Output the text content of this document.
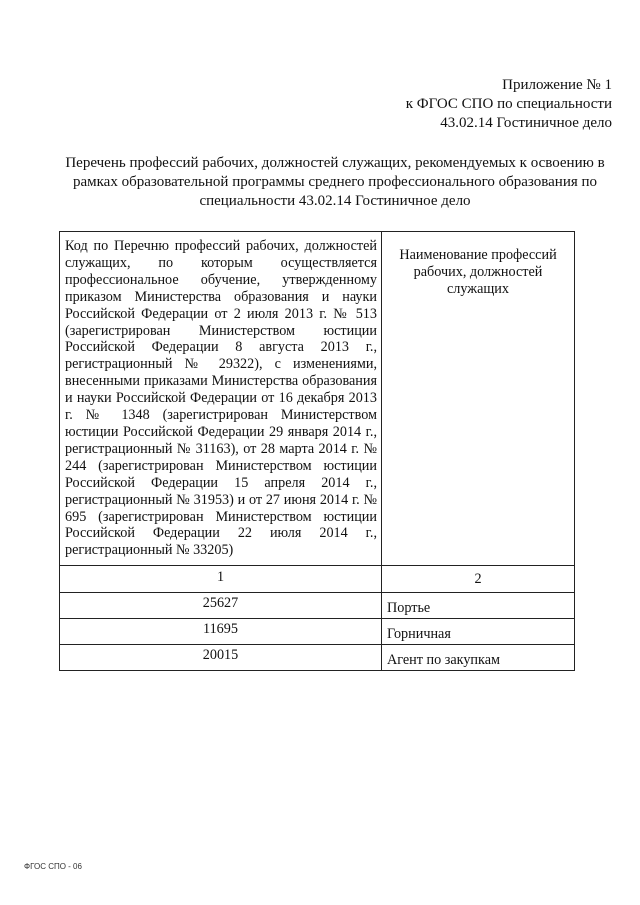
Приложение № 1
к ФГОС СПО по специальности
43.02.14 Гостиничное дело
Перечень профессий рабочих, должностей служащих, рекомендуемых к освоению в рамках образовательной программы среднего профессионального образования по специальности 43.02.14 Гостиничное дело
Код по Перечню профессий рабочих, должностей служащих, по которым осуществляется профессиональное обучение, утвержденному приказом Министерства образования и науки Российской Федерации от 2 июля 2013 г. № 513 (зарегистрирован Министерством юстиции Российской Федерации 8 августа 2013 г., регистрационный № 29322), с изменениями, внесенными приказами Министерства образования и науки Российской Федерации от 16 декабря 2013 г. № 1348 (зарегистрирован Министерством юстиции Российской Федерации 29 января 2014 г., регистрационный № 31163), от 28 марта 2014 г. № 244 (зарегистрирован Министерством юстиции Российской Федерации 15 апреля 2014 г., регистрационный № 31953) и от 27 июня 2014 г. № 695 (зарегистрирован Министерством юстиции Российской Федерации 22 июля 2014 г., регистрационный № 33205)	Наименование профессий рабочих, должностей служащих
1	2
25627	Портье
11695	Горничная
20015	Агент по закупкам
ФГОС СПО - 06
